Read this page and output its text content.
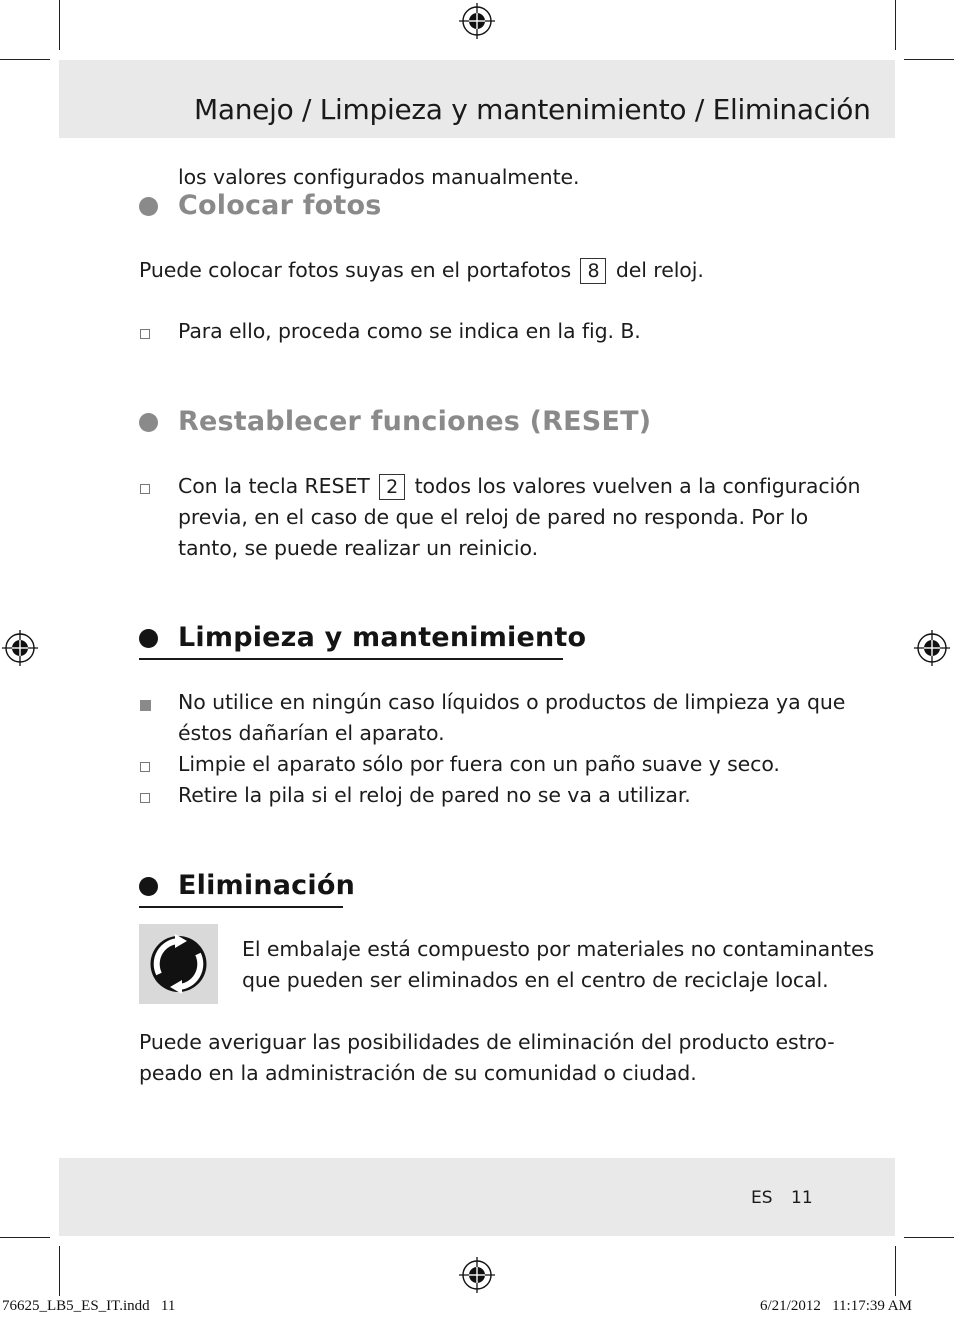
Manejo / Limpieza y mantenimiento / Eliminación
los valores configurados manualmente.
Colocar fotos
Puede colocar fotos suyas en el portafotos 8 del reloj.
Para ello, proceda como se indica en la fig. B.
Restablecer funciones (RESET)
Con la tecla RESET 2 todos los valores vuelven a la configuración
previa, en el caso de que el reloj de pared no responda. Por lo
tanto, se puede realizar un reinicio.
Limpieza y mantenimiento
No utilice en ningún caso líquidos o productos de limpieza ya que
éstos dañarían el aparato.
Limpie el aparato sólo por fuera con un paño suave y seco.
Retire la pila si el reloj de pared no se va a utilizar.
Eliminación
El embalaje está compuesto por materiales no contaminantes
que pueden ser eliminados en el centro de reciclaje local.
Puede averiguar las posibilidades de eliminación del producto estro-
peado en la administración de su comunidad o ciudad.
ES 11
76625_LB5_ES_IT.indd   11	6/21/2012   11:17:39 AM
